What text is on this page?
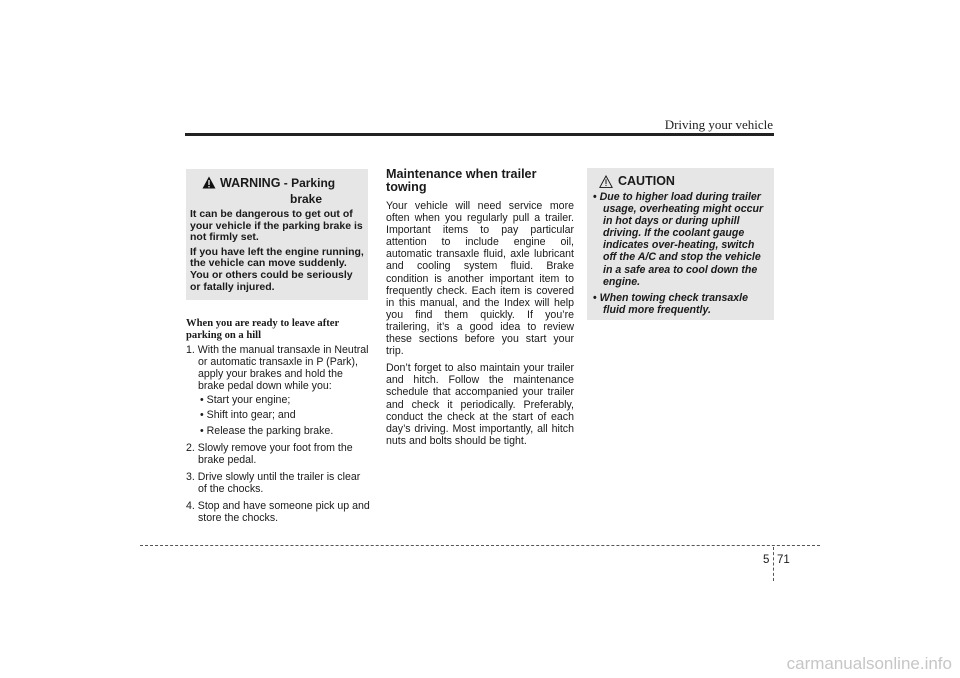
Driving your vehicle
WARNING - Parking
brake

It can be dangerous to get out of your vehicle if the parking brake is not firmly set.

If you have left the engine running, the vehicle can move suddenly. You or others could be seriously or fatally injured.

When you are ready to leave after parking on a hill

1. With the manual transaxle in Neutral or automatic transaxle in P (Park), apply your brakes and hold the brake pedal down while you:

• Start your engine;
• Shift into gear; and
• Release the parking brake.

2. Slowly remove your foot from the brake pedal.

3. Drive slowly until the trailer is clear of the chocks.

4. Stop and have someone pick up and store the chocks.

Maintenance when trailer towing

Your vehicle will need service more often when you regularly pull a trailer. Important items to pay particular attention to include engine oil, automatic transaxle fluid, axle lubricant and cooling system fluid. Brake condition is another important item to frequently check. Each item is covered in this manual, and the Index will help you find them quickly. If you’re trailering, it’s a good idea to review these sections before you start your trip.

Don’t forget to also maintain your trailer and hitch. Follow the maintenance schedule that accompanied your trailer and check it periodically. Preferably, conduct the check at the start of each day’s driving. Most importantly, all hitch nuts and bolts should be tight.

CAUTION
• Due to higher load during trailer usage, overheating might occur in hot days or during uphill driving. If the coolant gauge indicates over-heating, switch off the A/C and stop the vehicle in a safe area to cool down the engine.
• When towing check transaxle fluid more frequently.
5 71
carmanualsonline.info
